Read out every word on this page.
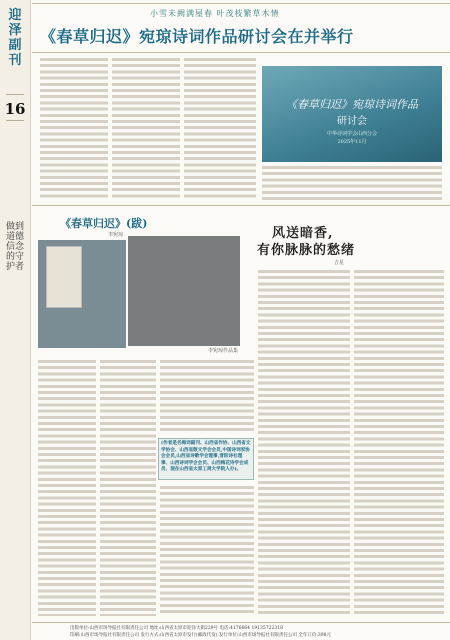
迎泽副刊
16
做到道德信念的守护者
小雪未阙满屋春 叶茂枝繁草木情
《春草归迟》宛琼诗词作品研讨会在并举行
《春草归迟》宛琼诗词作品
研讨会
中华诗词学会山西分会
2025年11月
《春草归迟》(跋)
李宛琼
李宛琼作品集
(作者是名梅词副刊、山西省作协、山西省文学协会、山西省散文学会会员,中国诗词家协会会员,山西省诗歌学会理事,晋阳诗社理事、山西诗词学会会员、山西梅花诗学会成员、现在山西省太原工商大学院人办)。
风送暗香,
有你脉脉的愁绪
吉星
出版单位:山西市场导报社有限责任公司 地址:山西省太原市迎泽大街229号 电话:4176664 19135722318
印刷:山西市场导报社有限责任公司 发行方式:山西省太原市发行(邮政代发) 发行单位:山西市场导报社有限责任公司 全年订价:398元
